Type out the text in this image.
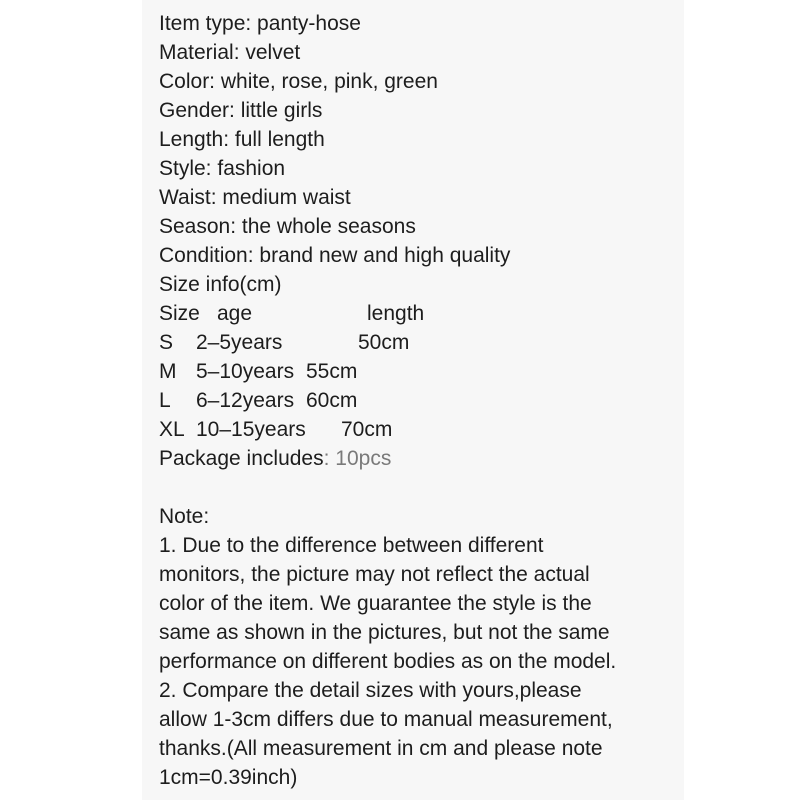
Item type: panty-hose
Material: velvet
Color: white, rose, pink, green
Gender: little girls
Length: full length
Style: fashion
Waist: medium waist
Season: the whole seasons
Condition: brand new and high quality
Size info(cm)
Size age	length
S 2–5years	50cm
M 5–10years 55cm
L 6–12years 60cm
XL 10–15years 70cm
Package includes: 10pcs
Note:
1. Due to the difference between different
monitors, the picture may not reflect the actual
color of the item. We guarantee the style is the
same as shown in the pictures, but not the same
performance on different bodies as on the model.
2. Compare the detail sizes with yours,please
allow 1-3cm differs due to manual measurement,
thanks.(All measurement in cm and please note
1cm=0.39inch)
